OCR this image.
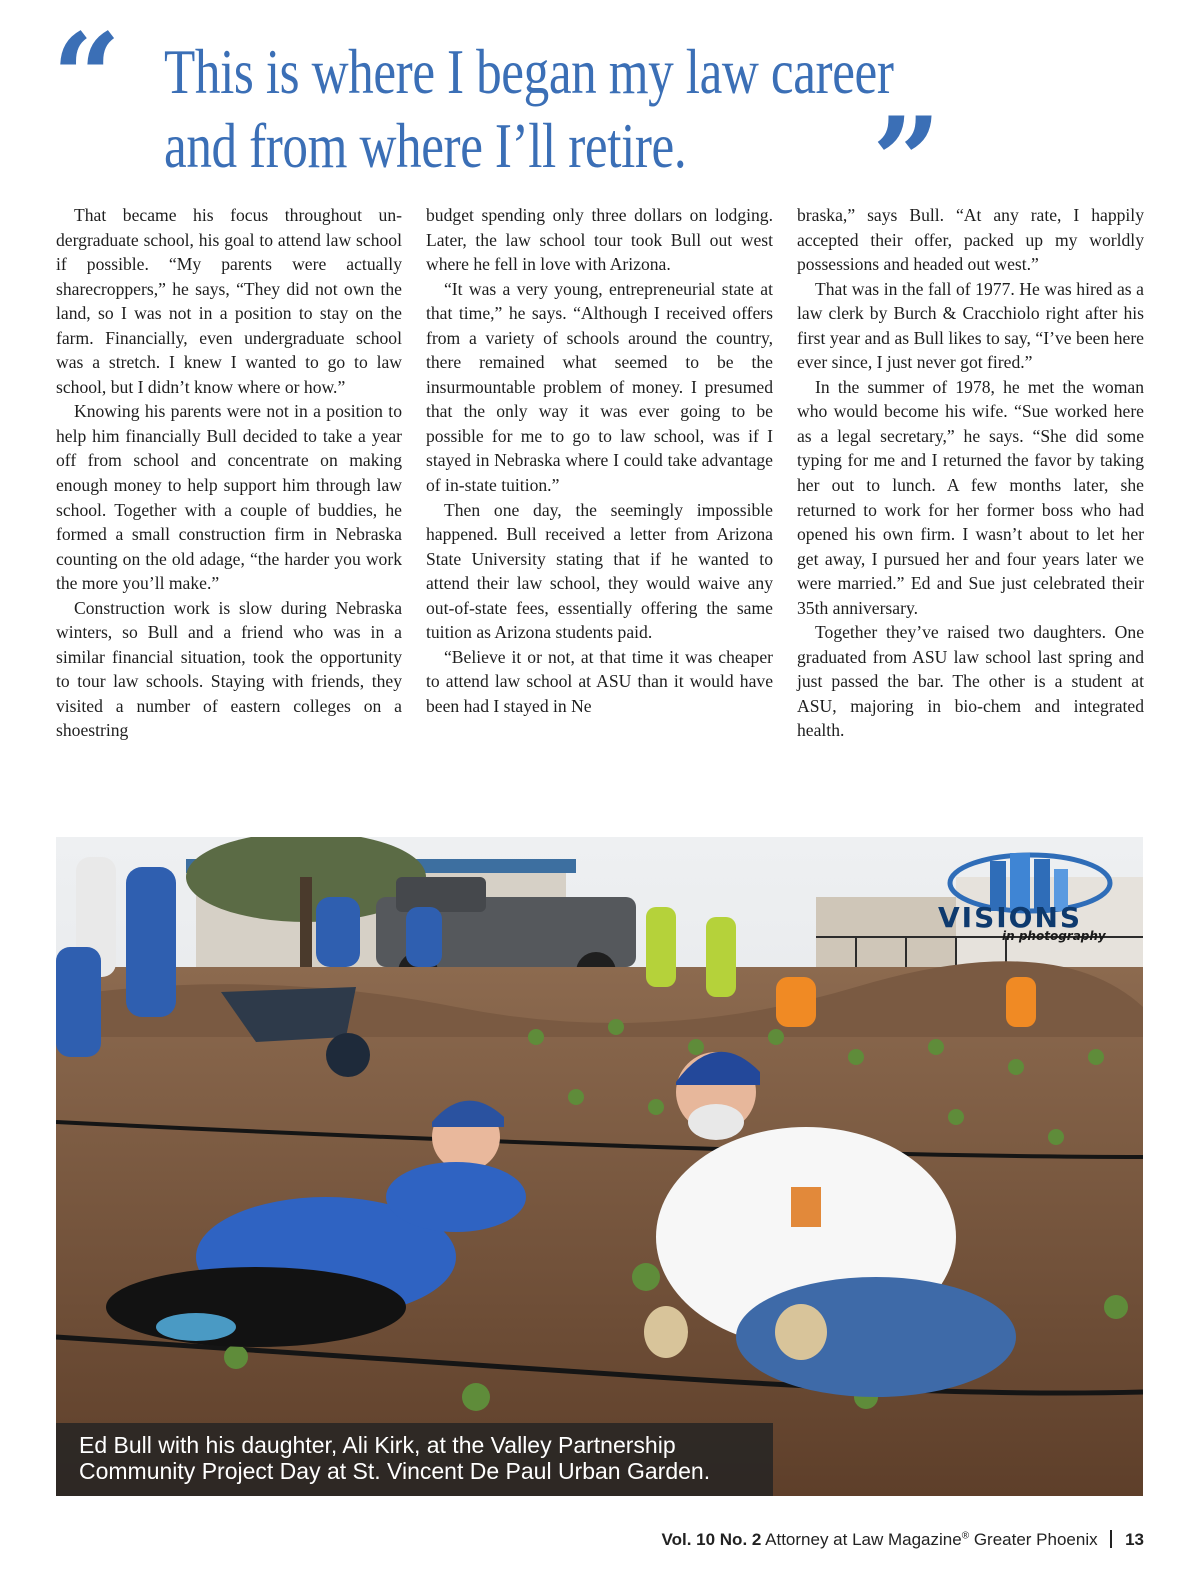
“ This is where I began my law career
and from where I’ll retire. ”

That became his focus throughout undergraduate school, his goal to attend law school if possible. “My parents were actually sharecroppers,” he says, “They did not own the land, so I was not in a position to stay on the farm. Financially, even undergraduate school was a stretch. I knew I wanted to go to law school, but I didn’t know where or how.”

Knowing his parents were not in a position to help him financially Bull decided to take a year off from school and concentrate on making enough money to help support him through law school. Together with a couple of buddies, he formed a small construction firm in Nebraska counting on the old adage, “the harder you work the more you’ll make.”

Construction work is slow during Nebraska winters, so Bull and a friend who was in a similar financial situation, took the opportunity to tour law schools. Staying with friends, they visited a number of eastern colleges on a shoestring

budget spending only three dollars on lodging. Later, the law school tour took Bull out west where he fell in love with Arizona.

“It was a very young, entrepreneurial state at that time,” he says. “Although I received offers from a variety of schools around the country, there remained what seemed to be the insurmountable problem of money. I presumed that the only way it was ever going to be possible for me to go to law school, was if I stayed in Nebraska where I could take advantage of in-state tuition.”

Then one day, the seemingly impossible happened. Bull received a letter from Arizona State University stating that if he wanted to attend their law school, they would waive any out-of-state fees, essentially offering the same tuition as Arizona students paid.

“Believe it or not, at that time it was cheaper to attend law school at ASU than it would have been had I stayed in Ne

braska,” says Bull. “At any rate, I happily accepted their offer, packed up my worldly possessions and headed out west.”

That was in the fall of 1977. He was hired as a law clerk by Burch & Cracchiolo right after his first year and as Bull likes to say, “I’ve been here ever since, I just never got fired.”

In the summer of 1978, he met the woman who would become his wife. “Sue worked here as a legal secretary,” he says. “She did some typing for me and I returned the favor by taking her out to lunch. A few months later, she returned to work for her former boss who had opened his own firm. I wasn’t about to let her get away, I pursued her and four years later we were married.” Ed and Sue just celebrated their 35th anniversary.

Together they’ve raised two daughters. One graduated from ASU law school last spring and just passed the bar. The other is a student at ASU, majoring in bio-chem and integrated health.

VISIONS
in photography
Ed Bull with his daughter, Ali Kirk, at the Valley Partnership
Community Project Day at St. Vincent De Paul Urban Garden.
Vol. 10 No. 2 Attorney at Law Magazine® Greater Phoenix 13
